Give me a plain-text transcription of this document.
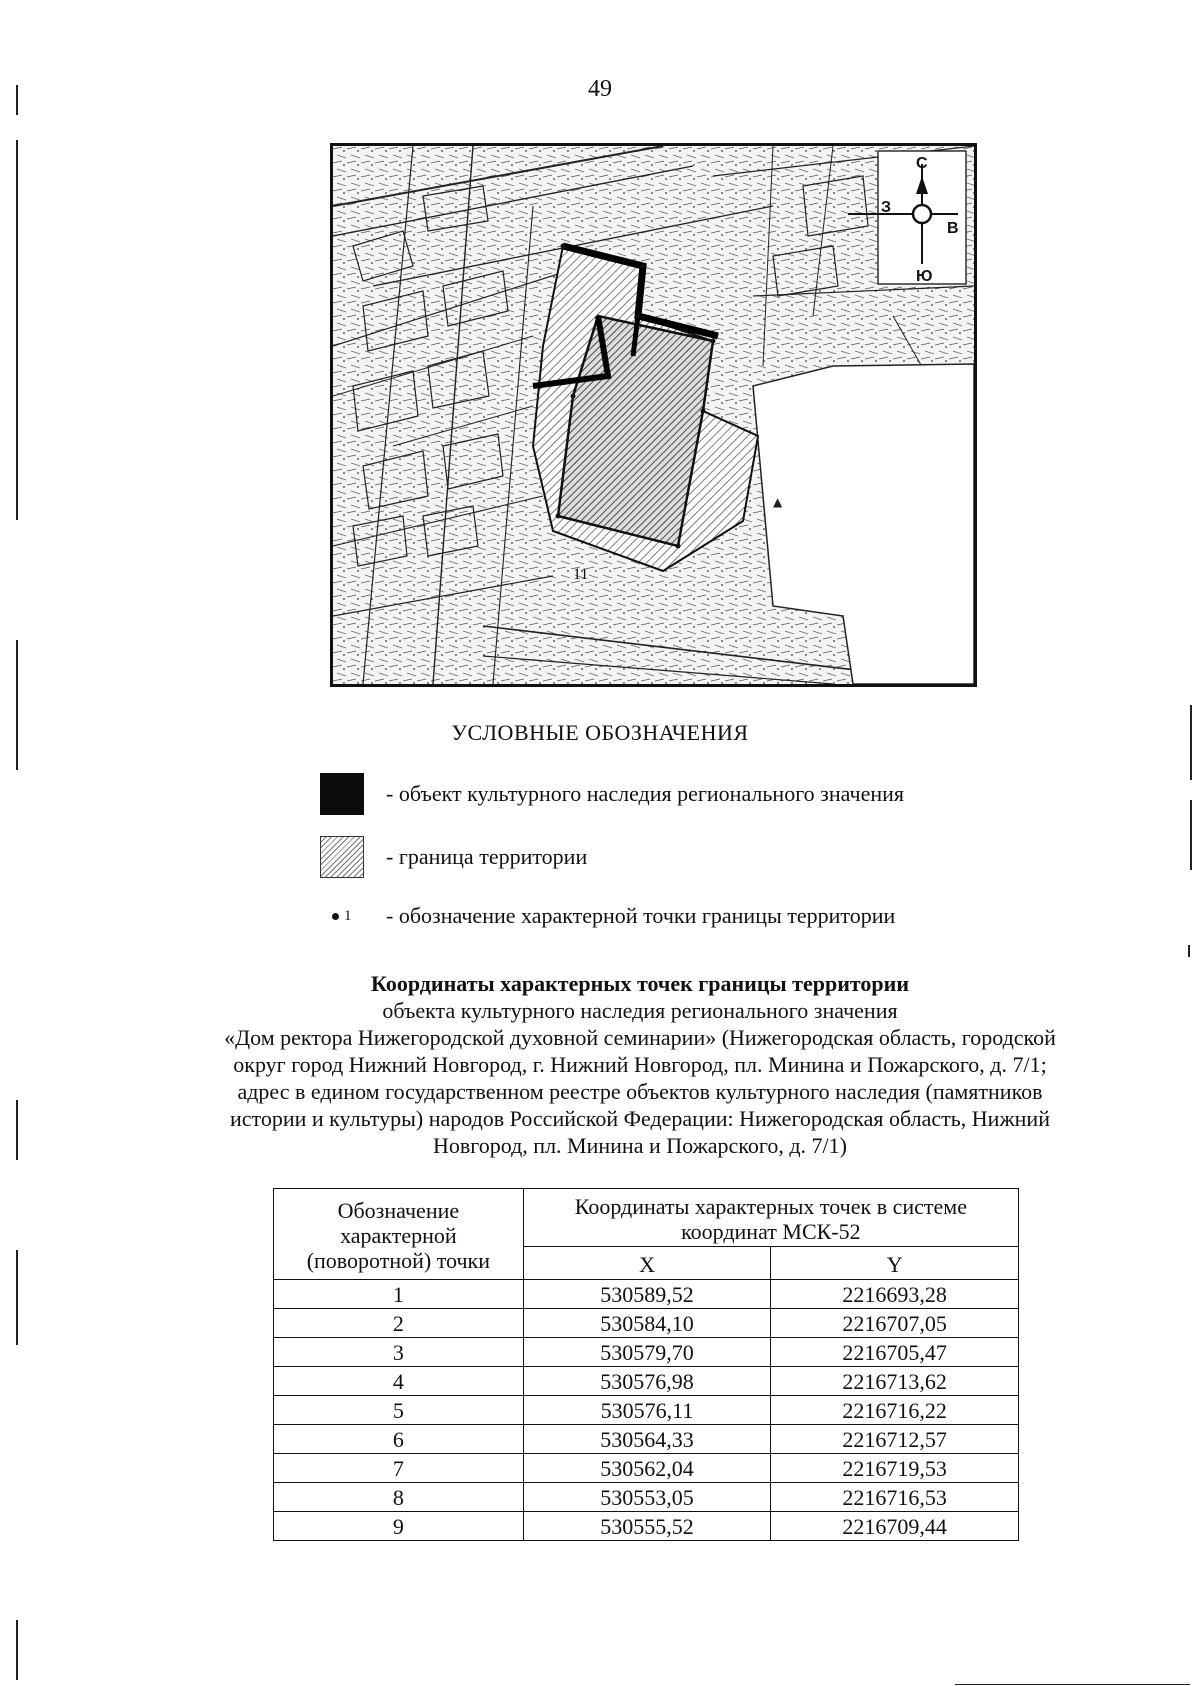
49
▲
11
С
Ю
З
В
УСЛОВНЫЕ ОБОЗНАЧЕНИЯ
- объект культурного наследия регионального значения
- граница территории
1 - обозначение характерной точки границы территории
Координаты характерных точек границы территории
объекта культурного наследия регионального значения
«Дом ректора Нижегородской духовной семинарии» (Нижегородская область, городской
округ город Нижний Новгород, г. Нижний Новгород, пл. Минина и Пожарского, д. 7/1;
адрес в едином государственном реестре объектов культурного наследия (памятников
истории и культуры) народов Российской Федерации: Нижегородская область, Нижний
Новгород, пл. Минина и Пожарского, д. 7/1)
Обозначение характерной (поворотной) точки	Координаты характерных точек в системе координат МСК-52	
	X	Y
1	530589,52	2216693,28
2	530584,10	2216707,05
3	530579,70	2216705,47
4	530576,98	2216713,62
5	530576,11	2216716,22
6	530564,33	2216712,57
7	530562,04	2216719,53
8	530553,05	2216716,53
9	530555,52	2216709,44
